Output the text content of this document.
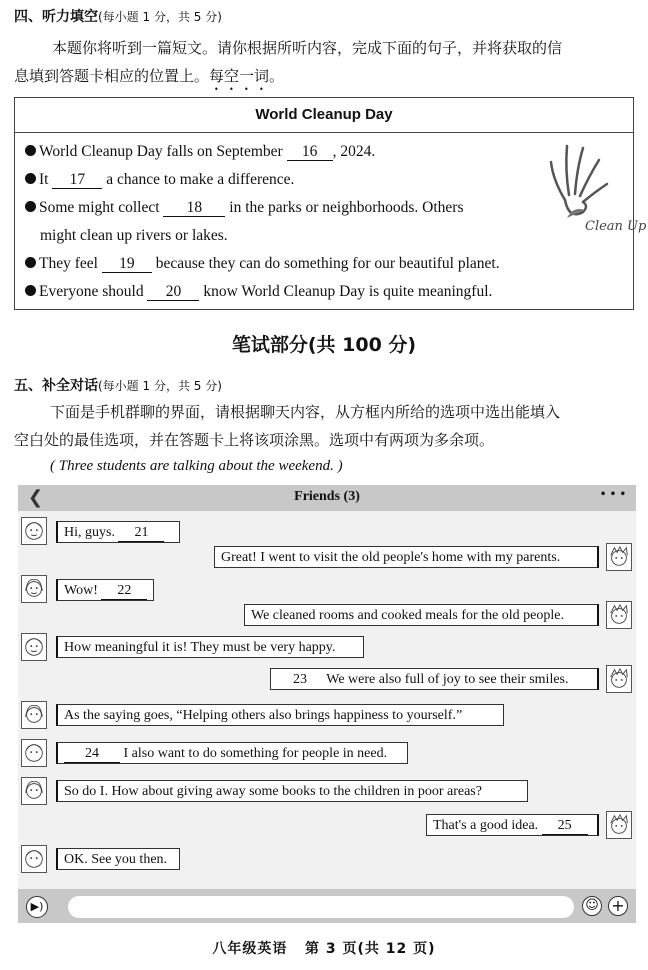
四、听力填空(每小题 1 分，共 5 分)
本题你将听到一篇短文。请你根据所听内容，完成下面的句子，并将获取的信
息填到答题卡相应的位置上。每空一词。
World Cleanup Day
World Cleanup Day falls on September 16 , 2024.
It 17 a chance to make a difference.
Some might collect 18 in the parks or neighborhoods. Others
might clean up rivers or lakes.
They feel 19 because they can do something for our beautiful planet.
Everyone should 20 know World Cleanup Day is quite meaningful.
Clean Up
笔试部分(共 100 分)
五、补全对话(每小题 1 分，共 5 分)
下面是手机群聊的界面，请根据聊天内容，从方框内所给的选项中选出能填入
空白处的最佳选项，并在答题卡上将该项涂黑。选项中有两项为多余项。
( Three students are talking about the weekend. )
❮	Friends (3)	• • •
Hi, guys. 21
Great! I went to visit the old people's home with my parents.
Wow! 22
We cleaned rooms and cooked meals for the old people.
How meaningful it is! They must be very happy.
23 We were also full of joy to see their smiles.
As the saying goes, “Helping others also brings happiness to yourself.”
24 I also want to do something for people in need.
So do I. How about giving away some books to the children in poor areas?
That's a good idea. 25
OK. See you then.
▶)	☺ +
八年级英语   第 3 页(共 12 页)
